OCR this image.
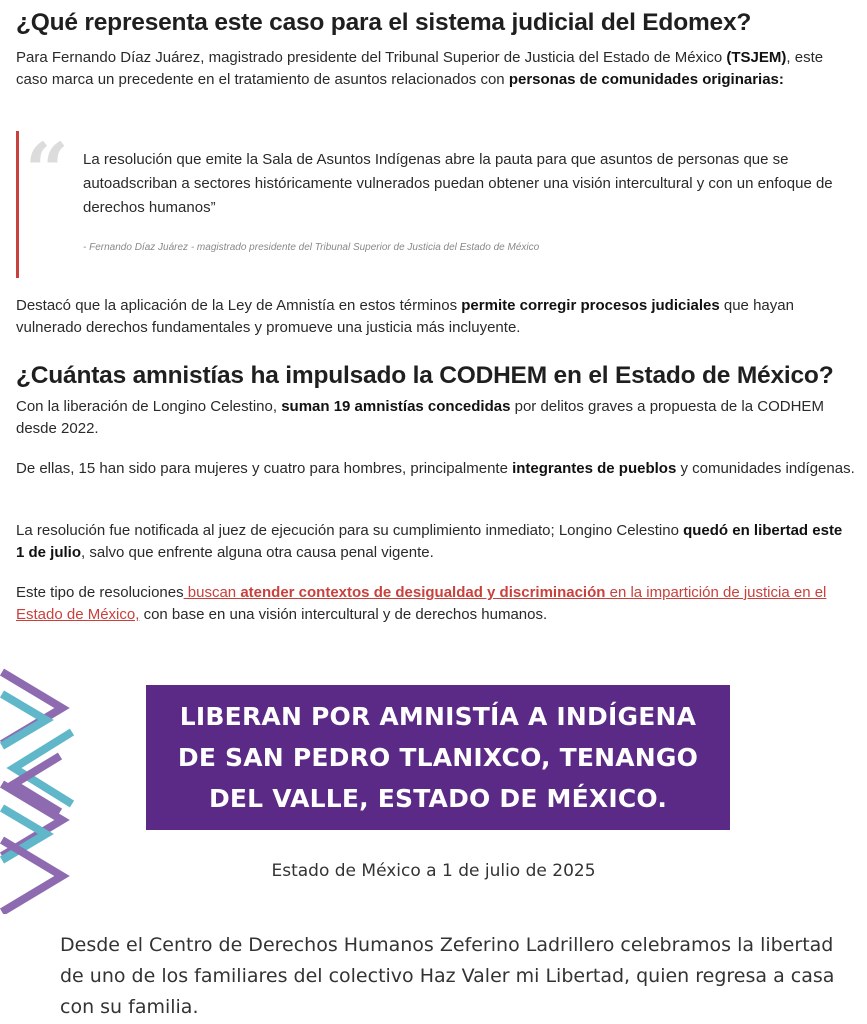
¿Qué representa este caso para el sistema judicial del Edomex?

Para Fernando Díaz Juárez, magistrado presidente del Tribunal Superior de Justicia del Estado de México (TSJEM), este caso marca un precedente en el tratamiento de asuntos relacionados con personas de comunidades originarias:

“ La resolución que emite la Sala de Asuntos Indígenas abre la pauta para que asuntos de personas que se autoadscriban a sectores históricamente vulnerados puedan obtener una visión intercultural y con un enfoque de derechos humanos”
- Fernando Díaz Juárez - magistrado presidente del Tribunal Superior de Justicia del Estado de México

Destacó que la aplicación de la Ley de Amnistía en estos términos permite corregir procesos judiciales que hayan vulnerado derechos fundamentales y promueve una justicia más incluyente.

¿Cuántas amnistías ha impulsado la CODHEM en el Estado de México?

Con la liberación de Longino Celestino, suman 19 amnistías concedidas por delitos graves a propuesta de la CODHEM desde 2022.

De ellas, 15 han sido para mujeres y cuatro para hombres, principalmente integrantes de pueblos y comunidades indígenas.

La resolución fue notificada al juez de ejecución para su cumplimiento inmediato; Longino Celestino quedó en libertad este 1 de julio, salvo que enfrente alguna otra causa penal vigente.

Este tipo de resoluciones buscan atender contextos de desigualdad y discriminación en la impartición de justicia en el Estado de México, con base en una visión intercultural y de derechos humanos.

LIBERAN POR AMNISTÍA A INDÍGENA DE SAN PEDRO TLANIXCO, TENANGO DEL VALLE, ESTADO DE MÉXICO.
Estado de México a 1 de julio de 2025
Desde el Centro de Derechos Humanos Zeferino Ladrillero celebramos la libertad de uno de los familiares del colectivo Haz Valer mi Libertad, quien regresa a casa con su familia.
